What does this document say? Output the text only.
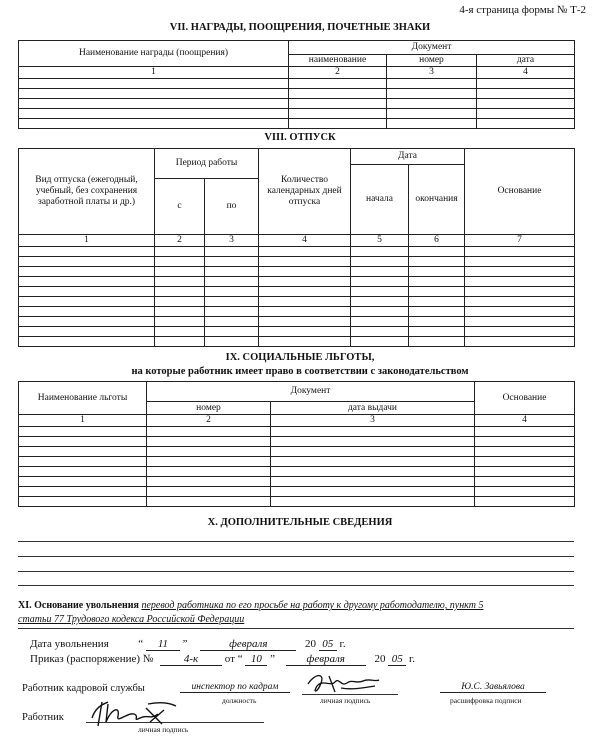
4-я страница формы № Т-2
VII. НАГРАДЫ, ПООЩРЕНИЯ, ПОЧЕТНЫЕ ЗНАКИ
Наименование награды (поощрения)	Документ		
	наименование	номер	дата
1	2	3	4

VIII. ОТПУСК
Вид отпуска (ежегодный, учебный, без сохранения заработной платы и др.)	Период работы		Количество календарных дней отпуска	Дата		Основание
				начала	окончания	
	с	по				
1	2	3	4	5	6	7

IX. СОЦИАЛЬНЫЕ ЛЬГОТЫ,
на которые работник имеет право в соответствии с законодательством
Наименование льготы	Документ		Основание
	номер	дата выдачи	
1	2	3	4

X. ДОПОЛНИТЕЛЬНЫЕ СВЕДЕНИЯ
XI. Основание увольнения перевод работника по его просьбе на работу к другому работодателю, пункт 5
статьи 77 Трудового кодекса Российской Федерации
Дата увольнения	“ 11 ”	февраля	20 05 г.
Приказ (распоряжение) №	4-к от “ 10 ”	февраля	20 05 г.
Работник кадровой службы	инспектор по кадрам
должность	личная подпись
Ю.С. Завьялова
расшифровка подписи
Работник
личная подпись
